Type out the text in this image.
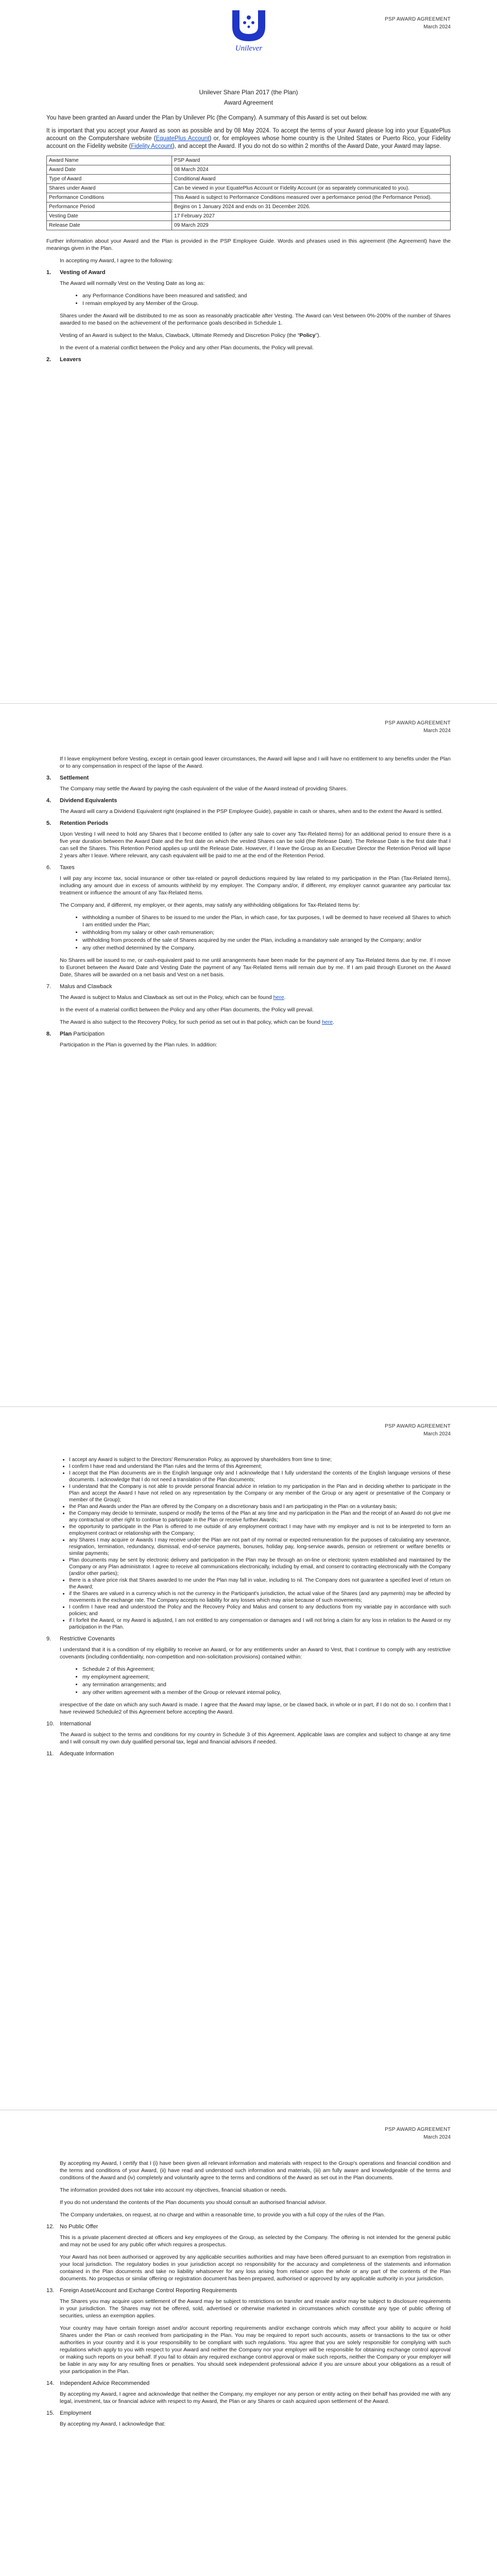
PSP AWARD AGREEMENT
March 2024
Unilever
Unilever Share Plan 2017 (the Plan)
Award Agreement

You have been granted an Award under the Plan by Unilever Plc (the Company). A summary of this Award is set out below.

It is important that you accept your Award as soon as possible and by 08 May 2024. To accept the terms of your Award please log into your EquatePlus account on the Computershare website (EquatePlus Account) or, for employees whose home country is the United States or Puerto Rico, your Fidelity account on the Fidelity website (Fidelity Account), and accept the Award. If you do not do so within 2 months of the Award Date, your Award may lapse.

Award Name	PSP Award
Award Date	08 March 2024
Type of Award	Conditional Award
Shares under Award	Can be viewed in your EquatePlus Account or Fidelity Account (or as separately communicated to you).
Performance Conditions	This Award is subject to Performance Conditions measured over a performance period (the Performance Period).
Performance Period	Begins on 1 January 2024 and ends on 31 December 2026.
Vesting Date	17 February 2027
Release Date	09 March 2029

Further information about your Award and the Plan is provided in the PSP Employee Guide. Words and phrases used in this agreement (the Agreement) have the meanings given in the Plan.

In accepting my Award, I agree to the following:

1. Vesting of Award

The Award will normally Vest on the Vesting Date as long as:

• any Performance Conditions have been measured and satisfied; and
• I remain employed by any Member of the Group.

Shares under the Award will be distributed to me as soon as reasonably practicable after Vesting. The Award can Vest between 0%-200% of the number of Shares awarded to me based on the achievement of the performance goals described in Schedule 1.

Vesting of an Award is subject to the Malus, Clawback, Ultimate Remedy and Discretion Policy (the “Policy”).

In the event of a material conflict between the Policy and any other Plan documents, the Policy will prevail.

2. Leavers
PSP AWARD AGREEMENT
March 2024

If I leave employment before Vesting, except in certain good leaver circumstances, the Award will lapse and I will have no entitlement to any benefits under the Plan or to any compensation in respect of the lapse of the Award.

3. Settlement

The Company may settle the Award by paying the cash equivalent of the value of the Award instead of providing Shares.

4. Dividend Equivalents

The Award will carry a Dividend Equivalent right (explained in the PSP Employee Guide), payable in cash or shares, when and to the extent the Award is settled.

5. Retention Periods

Upon Vesting I will need to hold any Shares that I become entitled to (after any sale to cover any Tax-Related Items) for an additional period to ensure there is a five year duration between the Award Date and the first date on which the vested Shares can be sold (the Release Date). The Release Date is the first date that I can sell the Shares. This Retention Period applies up until the Release Date. However, if I leave the Group as an Executive Director the Retention Period will lapse 2 years after I leave. Where relevant, any cash equivalent will be paid to me at the end of the Retention Period.

6. Taxes

I will pay any income tax, social insurance or other tax-related or payroll deductions required by law related to my participation in the Plan (Tax-Related Items), including any amount due in excess of amounts withheld by my employer. The Company and/or, if different, my employer cannot guarantee any particular tax treatment or influence the amount of any Tax-Related Items.

The Company and, if different, my employer, or their agents, may satisfy any withholding obligations for Tax-Related Items by:

• withholding a number of Shares to be issued to me under the Plan, in which case, for tax purposes, I will be deemed to have received all Shares to which I am entitled under the Plan;
• withholding from my salary or other cash remuneration;
• withholding from proceeds of the sale of Shares acquired by me under the Plan, including a mandatory sale arranged by the Company; and/or
• any other method determined by the Company.

No Shares will be issued to me, or cash-equivalent paid to me until arrangements have been made for the payment of any Tax-Related Items due by me. If I move to Euronet between the Award Date and Vesting Date the payment of any Tax-Related Items will remain due by me. If I am paid through Euronet on the Award Date, Shares will be awarded on a net basis and Vest on a net basis.

7. Malus and Clawback

The Award is subject to Malus and Clawback as set out in the Policy, which can be found here.

In the event of a material conflict between the Policy and any other Plan documents, the Policy will prevail.

The Award is also subject to the Recovery Policy, for such period as set out in that policy, which can be found here.

8. Plan Participation

Participation in the Plan is governed by the Plan rules. In addition:

PSP AWARD AGREEMENT
March 2024
• I accept any Award is subject to the Directors' Remuneration Policy, as approved by shareholders from time to time;
• I confirm I have read and understand the Plan rules and the terms of this Agreement;
• I accept that the Plan documents are in the English language only and I acknowledge that I fully understand the contents of the English language versions of these documents. I acknowledge that I do not need a translation of the Plan documents;
• I understand that the Company is not able to provide personal financial advice in relation to my participation in the Plan and in deciding whether to participate in the Plan and accept the Award I have not relied on any representation by the Company or any member of the Group or any agent or presentative of the Company or member of the Group);
• the Plan and Awards under the Plan are offered by the Company on a discretionary basis and I am participating in the Plan on a voluntary basis;
• the Company may decide to terminate, suspend or modify the terms of the Plan at any time and my participation in the Plan and the receipt of an Award do not give me any contractual or other right to continue to participate in the Plan or receive further Awards;
• the opportunity to participate in the Plan is offered to me outside of any employment contract I may have with my employer and is not to be interpreted to form an employment contract or relationship with the Company;
• any Shares I may acquire or Awards I may receive under the Plan are not part of my normal or expected remuneration for the purposes of calculating any severance, resignation, termination, redundancy, dismissal, end-of-service payments, bonuses, holiday pay, long-service awards, pension or retirement or welfare benefits or similar payments;
• Plan documents may be sent by electronic delivery and participation in the Plan may be through an on-line or electronic system established and maintained by the Company or any Plan administrator. I agree to receive all communications electronically, including by email, and consent to contracting electronically with the Company (and/or other parties);
• there is a share price risk that Shares awarded to me under the Plan may fall in value, including to nil. The Company does not guarantee a specified level of return on the Award;
• if the Shares are valued in a currency which is not the currency in the Participant's jurisdiction, the actual value of the Shares (and any payments) may be affected by movements in the exchange rate. The Company accepts no liability for any losses which may arise because of such movements;
• I confirm I have read and understood the Policy and the Recovery Policy and Malus and consent to any deductions from my variable pay in accordance with such policies; and
• if I forfeit the Award, or my Award is adjusted, I am not entitled to any compensation or damages and I will not bring a claim for any loss in relation to the Award or my participation in the Plan.
9. Restrictive Covenants

I understand that it is a condition of my eligibility to receive an Award, or for any entitlements under an Award to Vest, that I continue to comply with any restrictive covenants (including confidentiality, non-competition and non-solicitation provisions) contained within:

• Schedule 2 of this Agreement;
• my employment agreement;
• any termination arrangements; and
• any other written agreement with a member of the Group or relevant internal policy,

irrespective of the date on which any such Award is made. I agree that the Award may lapse, or be clawed back, in whole or in part, if I do not do so. I confirm that I have reviewed Schedule2 of this Agreement before accepting the Award.

10. International

The Award is subject to the terms and conditions for my country in Schedule 3 of this Agreement. Applicable laws are complex and subject to change at any time and I will consult my own duly qualified personal tax, legal and financial advisors if needed.

11. Adequate Information
PSP AWARD AGREEMENT
March 2024

By accepting my Award, I certify that I (i) have been given all relevant information and materials with respect to the Group's operations and financial condition and the terms and conditions of your Award, (ii) have read and understood such information and materials, (iii) am fully aware and knowledgeable of the terms and conditions of the Award and (iv) completely and voluntarily agree to the terms and conditions of the Award as set out in the Plan documents.

The information provided does not take into account my objectives, financial situation or needs.

If you do not understand the contents of the Plan documents you should consult an authorised financial advisor.

The Company undertakes, on request, at no charge and within a reasonable time, to provide you with a full copy of the rules of the Plan.

12. No Public Offer

This is a private placement directed at officers and key employees of the Group, as selected by the Company. The offering is not intended for the general public and may not be used for any public offer which requires a prospectus.

Your Award has not been authorised or approved by any applicable securities authorities and may have been offered pursuant to an exemption from registration in your local jurisdiction. The regulatory bodies in your jurisdiction accept no responsibility for the accuracy and completeness of the statements and information contained in the Plan documents and take no liability whatsoever for any loss arising from reliance upon the whole or any part of the contents of the Plan documents. No prospectus or similar offering or registration document has been prepared, authorised or approved by any applicable authority in your jurisdiction.

13. Foreign Asset/Account and Exchange Control Reporting Requirements

The Shares you may acquire upon settlement of the Award may be subject to restrictions on transfer and resale and/or may be subject to disclosure requirements in your jurisdiction. The Shares may not be offered, sold, advertised or otherwise marketed in circumstances which constitute any type of public offering of securities, unless an exemption applies.

Your country may have certain foreign asset and/or account reporting requirements and/or exchange controls which may affect your ability to acquire or hold Shares under the Plan or cash received from participating in the Plan. You may be required to report such accounts, assets or transactions to the tax or other authorities in your country and it is your responsibility to be compliant with such regulations. You agree that you are solely responsible for complying with such regulations which apply to you with respect to your Award and neither the Company nor your employer will be responsible for obtaining exchange control approval or making such reports on your behalf. If you fail to obtain any required exchange control approval or make such reports, neither the Company or your employer will be liable in any way for any resulting fines or penalties. You should seek independent professional advice if you are unsure about your obligations as a result of your participation in the Plan.

14. Independent Advice Recommended

By accepting my Award, I agree and acknowledge that neither the Company, my employer nor any person or entity acting on their behalf has provided me with any legal, investment, tax or financial advice with respect to my Award, the Plan or any Shares or cash acquired upon settlement of the Award.

15. Employment

By accepting my Award, I acknowledge that:
